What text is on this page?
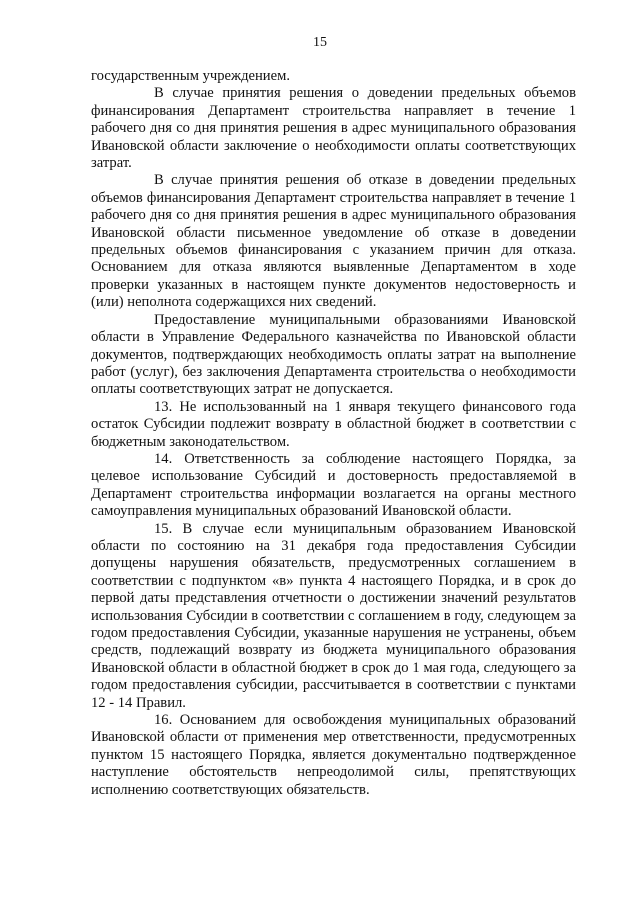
15

государственным учреждением.

В случае принятия решения о доведении предельных объемов финансирования Департамент строительства направляет в течение 1 рабочего дня со дня принятия решения в адрес муниципального образования Ивановской области заключение о необходимости оплаты соответствующих затрат.

В случае принятия решения об отказе в доведении предельных объемов финансирования Департамент строительства направляет в течение 1 рабочего дня со дня принятия решения в адрес муниципального образования Ивановской области письменное уведомление об отказе в доведении предельных объемов финансирования с указанием причин для отказа. Основанием для отказа являются выявленные Департаментом в ходе проверки указанных в настоящем пункте документов недостоверность и (или) неполнота содержащихся них сведений.

Предоставление муниципальными образованиями Ивановской области в Управление Федерального казначейства по Ивановской области документов, подтверждающих необходимость оплаты затрат на выполнение работ (услуг), без заключения Департамента строительства о необходимости оплаты соответствующих затрат не допускается.

13. Не использованный на 1 января текущего финансового года остаток Субсидии подлежит возврату в областной бюджет в соответствии с бюджетным законодательством.

14. Ответственность за соблюдение настоящего Порядка, за целевое использование Субсидий и достоверность предоставляемой в Департамент строительства информации возлагается на органы местного самоуправления муниципальных образований Ивановской области.

15. В случае если муниципальным образованием Ивановской области по состоянию на 31 декабря года предоставления Субсидии допущены нарушения обязательств, предусмотренных соглашением в соответствии с подпунктом «в» пункта 4 настоящего Порядка, и в срок до первой даты представления отчетности о достижении значений результатов использования Субсидии в соответствии с соглашением в году, следующем за годом предоставления Субсидии, указанные нарушения не устранены, объем средств, подлежащий возврату из бюджета муниципального образования Ивановской области в областной бюджет в срок до 1 мая года, следующего за годом предоставления субсидии, рассчитывается в соответствии с пунктами 12 - 14 Правил.

16. Основанием для освобождения муниципальных образований Ивановской области от применения мер ответственности, предусмотренных пунктом 15 настоящего Порядка, является документально подтвержденное наступление обстоятельств непреодолимой силы, препятствующих исполнению соответствующих обязательств.
